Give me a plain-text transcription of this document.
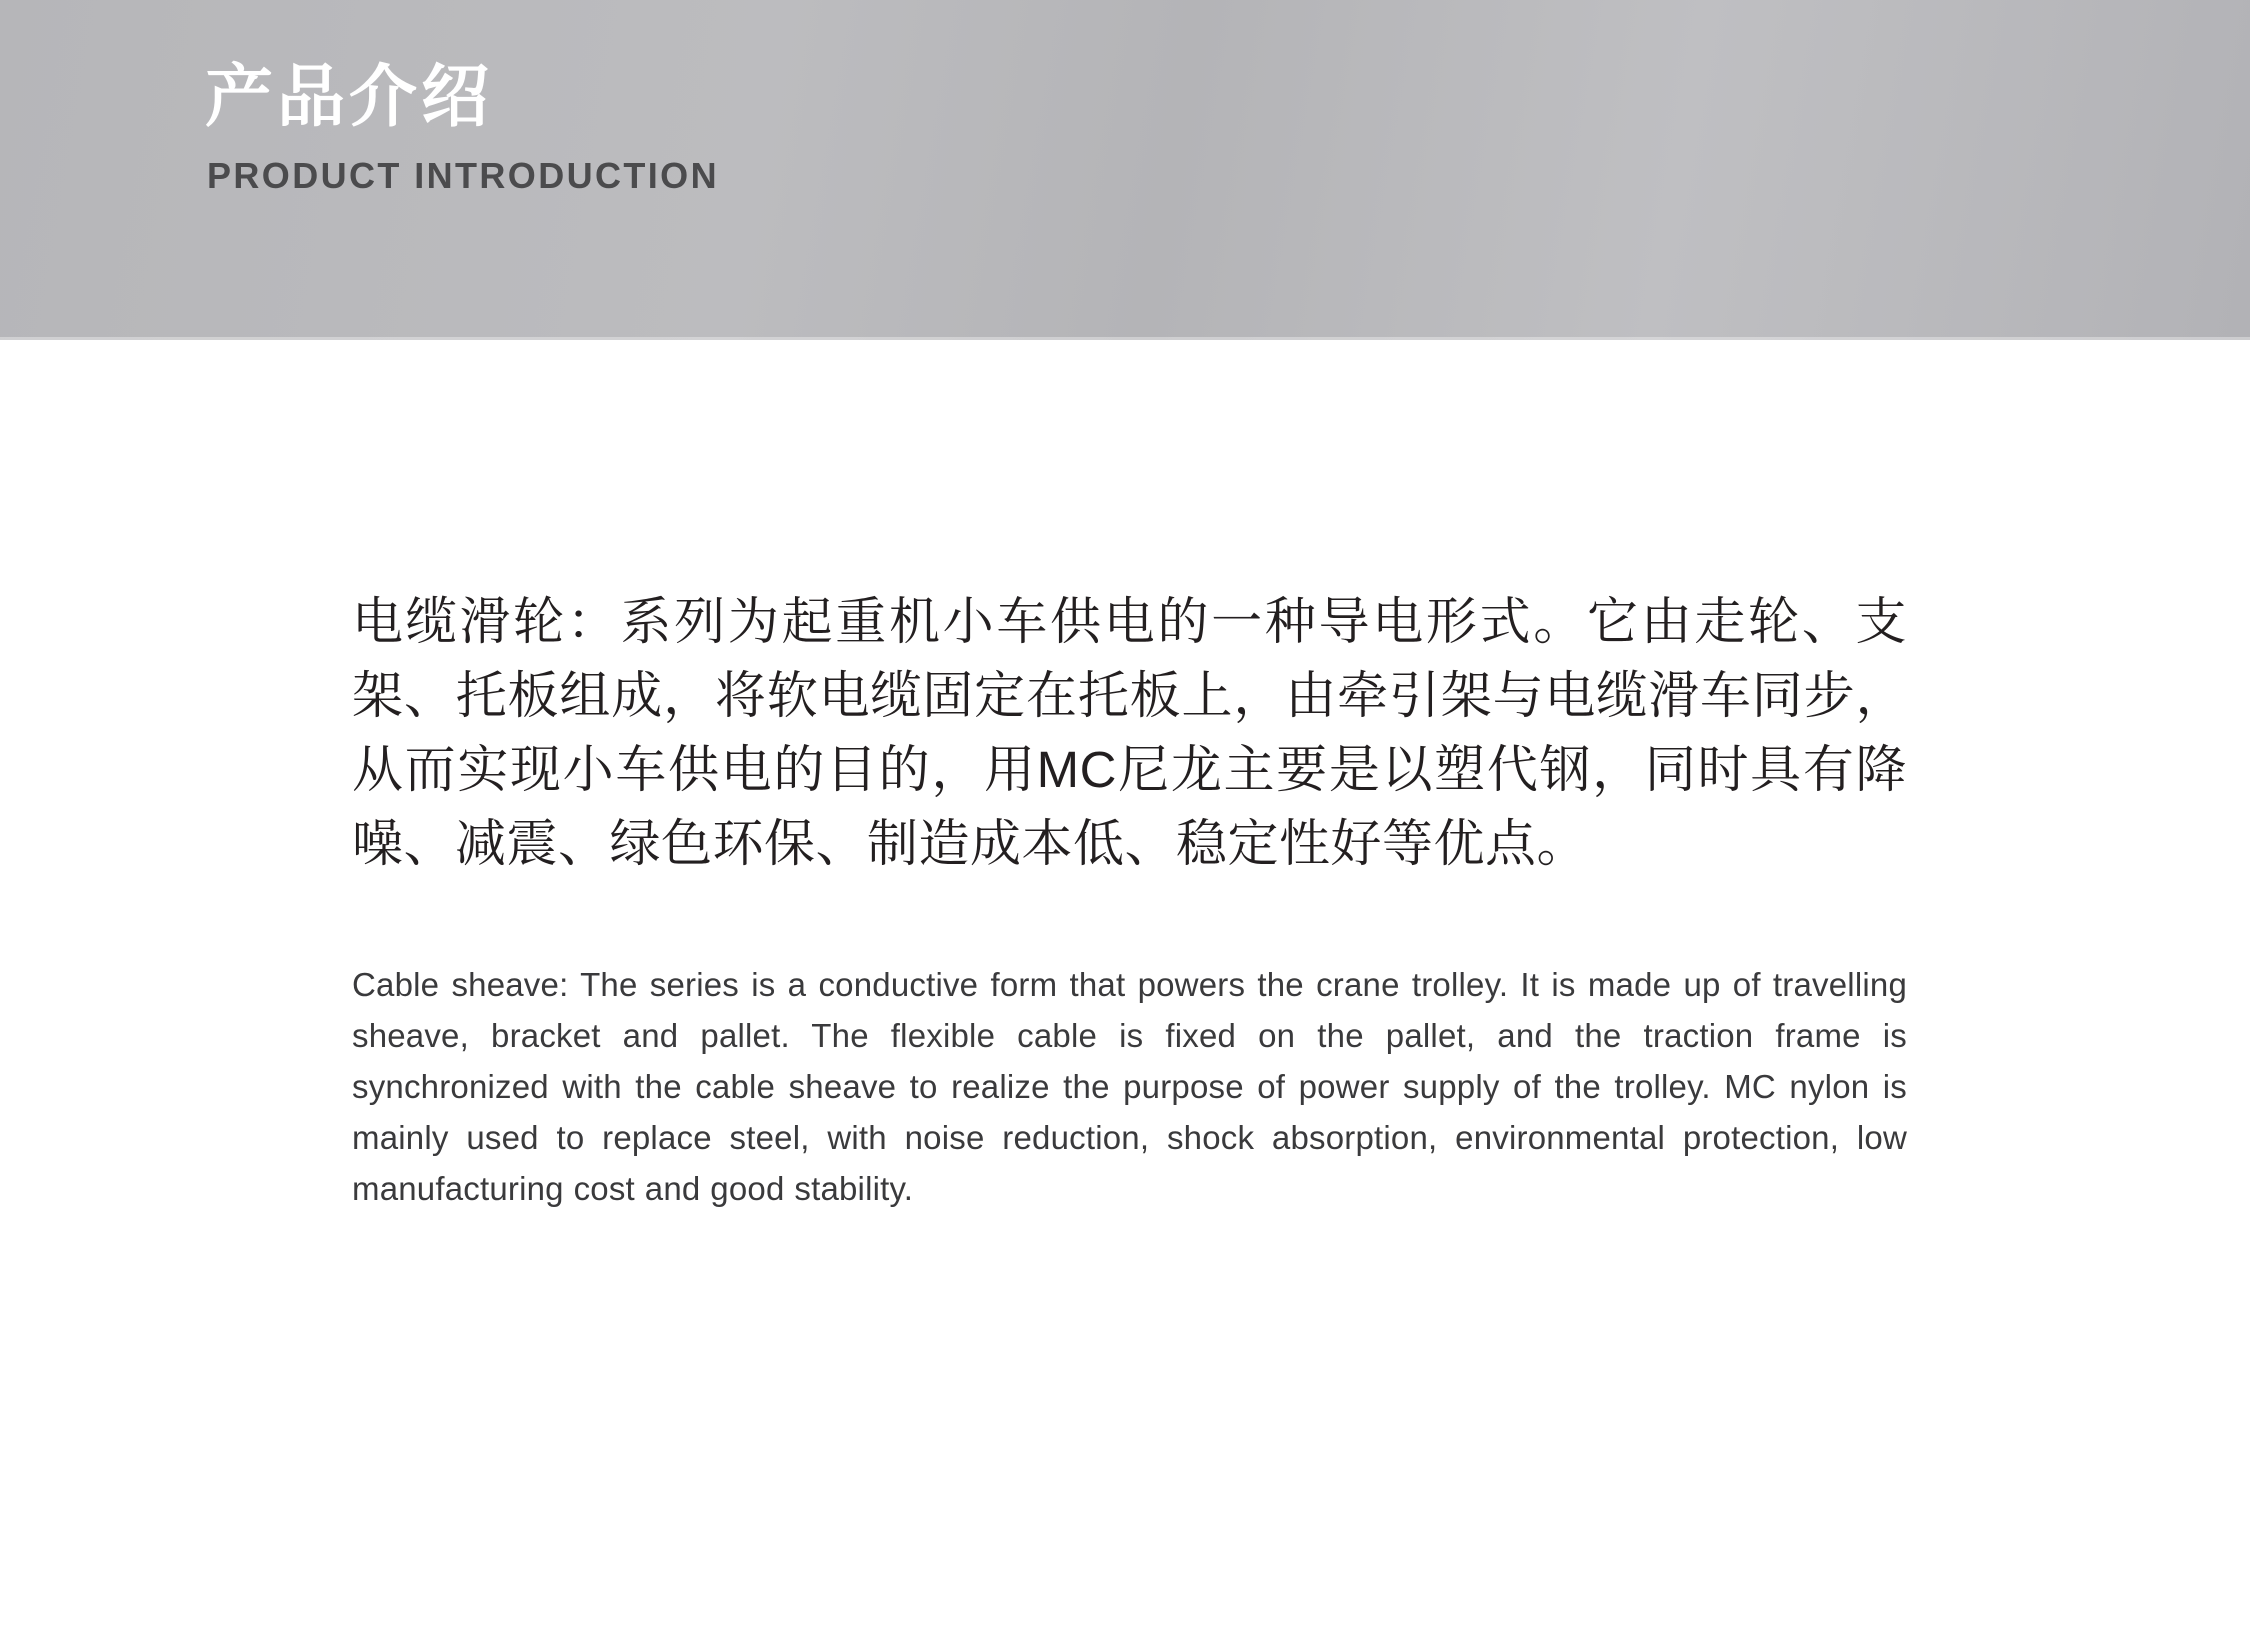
产品介绍
PRODUCT INTRODUCTION

电缆滑轮：系列为起重机小车供电的一种导电形式。它由走轮、支架、托板组成，将软电缆固定在托板上，由牵引架与电缆滑车同步，从而实现小车供电的目的，用MC尼龙主要是以塑代钢，同时具有降噪、减震、绿色环保、制造成本低、稳定性好等优点。

Cable sheave: The series is a conductive form that powers the crane trolley. It is made up of travelling sheave, bracket and pallet. The flexible cable is fixed on the pallet, and the traction frame is synchronized with the cable sheave to realize the purpose of power supply of the trolley. MC nylon is mainly used to replace steel, with noise reduction, shock absorption, environmental protection, low manufacturing cost and good stability.
